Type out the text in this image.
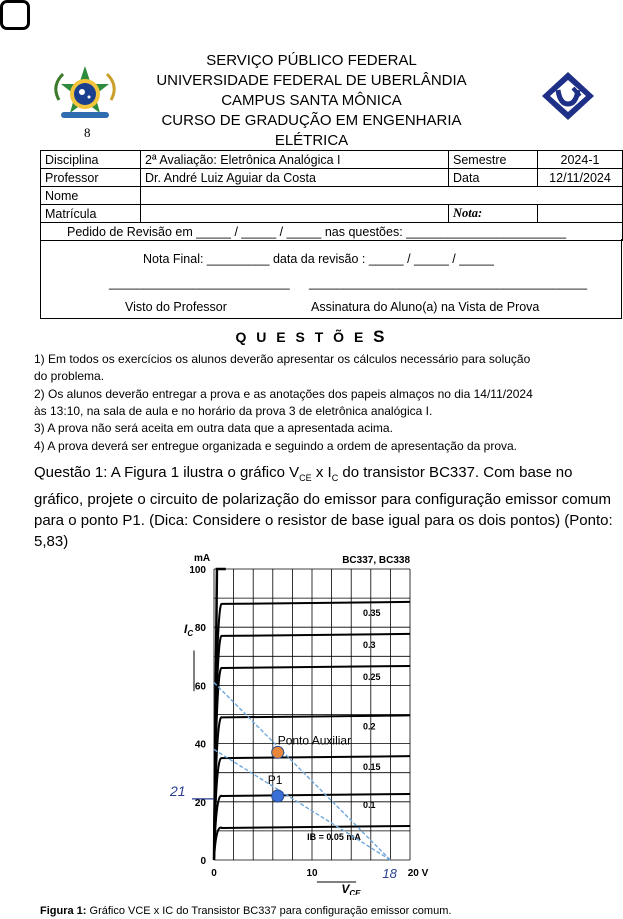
8
SERVIÇO PÚBLICO FEDERAL
UNIVERSIDADE FEDERAL DE UBERLÂNDIA
CAMPUS SANTA MÔNICA
CURSO DE GRADUÇÃO EM ENGENHARIA
ELÉTRICA
Disciplina	2ª Avaliação: Eletrônica Analógica I	Semestre	2024-1
Professor	Dr. André Luiz Aguiar da Costa	Data	12/11/2024
Nome			
Matrícula		Nota:	
Pedido de Revisão em _____ / _____ / _____ nas questões: _______________________			
Nota Final: _________ data da revisão : _____ / _____ / _____
__________________________ ________________________________________
Visto do Professor	Assinatura do Aluno(a) na Vista de Prova
Q U E S T Õ E S
1) Em todos os exercícios os alunos deverão apresentar os cálculos necessário para solução
do problema.
2) Os alunos deverão entregar a prova e as anotações dos papeis almaços no dia 14/11/2024
às 13:10, na sala de aula e no horário da prova 3 de eletrônica analógica I.
3) A prova não será aceita em outra data que a apresentada acima.
4) A prova deverá ser entregue organizada e seguindo a ordem de apresentação da prova.
Questão 1: A Figura 1 ilustra o gráfico $V_{CE}$ x $I_C$ do transistor BC337. Com base no gráfico, projete o circuito de polarização do emissor para configuração emissor comum para o ponto P1. (Dica: Considere o resistor de base igual para os dois pontos) (Ponto: 5,83)
BC337, BC338
mA
$I_C$
0
20
40
60
80
100
0	10	20 V
$V_{CE}$
0.35
0.3
0.25
0.2
0.15
0.1
IB = 0.05 mA
Ponto Auxiliar
P1
21
18
Figura 1: Gráfico VCE x IC do Transistor BC337 para configuração emissor comum.
